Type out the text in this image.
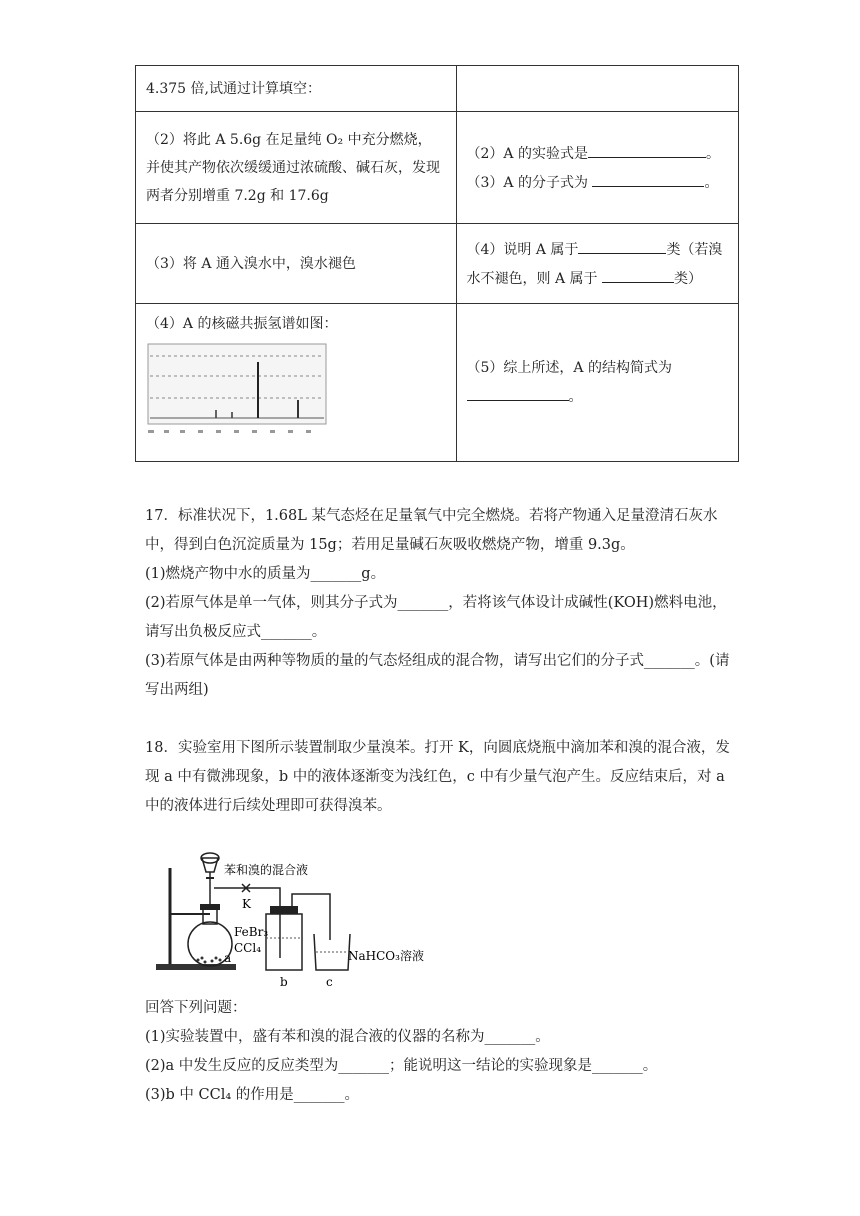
4.375 倍,试通过计算填空：	
（2）将此 A 5.6g 在足量纯 O₂ 中充分燃烧，并使其产物依次缓缓通过浓硫酸、碱石灰，发现两者分别增重 7.2g 和 17.6g	（2）A 的实验式是 。
（3）A 的分子式为 。

（3）将 A 通入溴水中，溴水褪色	（4）说明 A 属于 类（若溴水不褪色，则 A 属于 类）

（4）A 的核磁共振氢谱如图：	（5）综上所述，A 的结构简式为
。

17．标准状况下，1.68L 某气态烃在足量氧气中完全燃烧。若将产物通入足量澄清石灰水中，得到白色沉淀质量为 15g；若用足量碱石灰吸收燃烧产物，增重 9.3g。

(1)燃烧产物中水的质量为_______g。

(2)若原气体是单一气体，则其分子式为_______，若将该气体设计成碱性(KOH)燃料电池，请写出负极反应式_______。

(3)若原气体是由两种等物质的量的气态烃组成的混合物，请写出它们的分子式_______。(请写出两组)

18．实验室用下图所示装置制取少量溴苯。打开 K，向圆底烧瓶中滴加苯和溴的混合液，发现 a 中有微沸现象，b 中的液体逐渐变为浅红色，c 中有少量气泡产生。反应结束后，对 a 中的液体进行后续处理即可获得溴苯。

苯和溴的混合液
K
FeBr₃
CCl₄
a
b	c
NaHCO₃溶液

回答下列问题：

(1)实验装置中，盛有苯和溴的混合液的仪器的名称为_______。

(2)a 中发生反应的反应类型为_______；能说明这一结论的实验现象是_______。

(3)b 中 CCl₄ 的作用是_______。
